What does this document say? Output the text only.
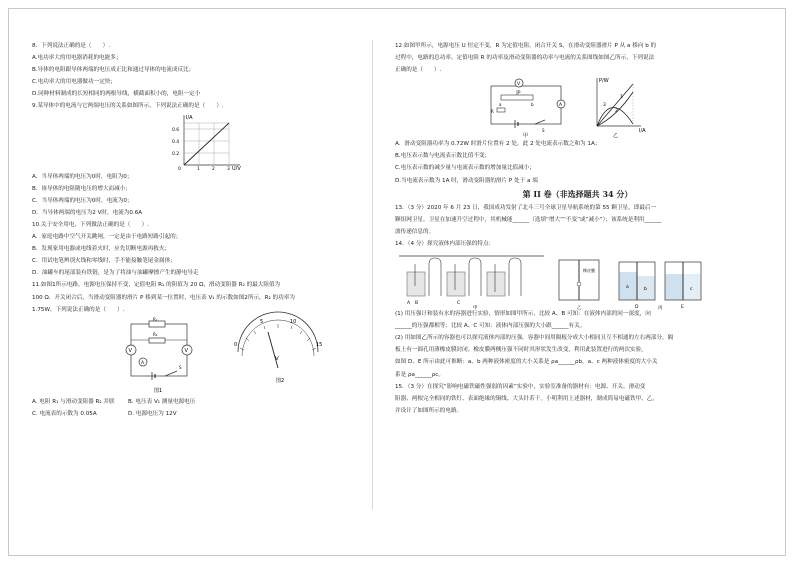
8．下列说法正确的是（　　）.
A.电功率大的用电器消耗的电能多；
B.导体的电阻跟导体两端的电压成正比和通过导体的电流成反比；
C.电功率大的用电器做功一定快；
D.同种材料制成的长短相同的两根导线，横截面积小的，电阻一定小
9.某导体中的电流与它两端电压的关系如图所示，下列说法正确的是（　　）.
I/A
U/V
0.6
0.4
0.2
0	1	2	3
A．当导体两端的电压为0时，电阻为0；
B．该导体的电阻随电压的增大而减小；
C．当导体两端的电压为0时，电流为0；
D．当导体两端的电压为2 V时，电流为0.6A
10.关于安全用电，下列做法正确的是（　　）.
A．家庭电路中空气开关跳闸，一定是由于电路短路引起的；
B．发现家用电器或电线着火时，应先切断电源再救火；
C．用试电笔辨别火线和零线时，手不能接触笔尾金属体；
D．油罐车的尾部装有铁链，是为了将油与油罐摩擦产生的静电导走
11.如图1所示电路，电源电压保持不变，定值电阻 R₁ 的阻值为 20 Ω，滑动变阻器 R₂ 的最大阻值为
100 Ω．开关闭合后，当滑动变阻器的滑片 P 移到某一位置时，电压表 V₁ 的示数如图2所示，R₂ 的功率为
1.75W。下列说法正确的是（　　）.
V	V
A
R₁
R₂
S
图1
V
0
5	10
15
图2
A. 电阻 R₁ 与滑动变阻器 R₂ 并联 B. 电压表 V₁ 测量电源电压
C. 电流表的示数为 0.05A	D. 电源电压为 12V
12.如图甲所示，电源电压 U 恒定不变，R 为定值电阻。闭合开关 S，在滑动变阻器滑片 P 从 a 移向 b 的
过程中，电路的总功率、定值电阻 R 的功率及滑动变阻器的功率与电流的关系图线如图乙所示，下列说法
正确的是（　　）.
V
a	b
P
R
A
S
甲
P/W
I/A
1
2
3
乙
A．滑动变阻器功率为 0.72W 时滑片位置有 2 处，此 2 处电流表示数之和为 1A；
B.电压表示数与电流表示数比值不变；
C.电压表示数的减少量与电流表示数的增加量比值减小；
D.当电流表示数为 1A 时，滑动变阻器的滑片 P 处于 a 端
第 II 卷（非选择题共 34 分）
13．（3 分）2020 年 6 月 23 日，我国成功发射了北斗三号全球卫星导航系统的第 55 颗卫星，即最后一
颗组网卫星。卫星在加速升空过程中，其机械能______（选填“增大”“不变”或“减小”）；该系统是利用______
波传递信息的。
14．（4 分）探究液体内部压强的特点：
A B	C
甲
橡皮膜
乙
a	b	c
D	E
丙
(1) 用压强计和装有水的容器进行实验，情形如图甲所示，比较 A、B 可知：在液体内部的同一深度，向
______的压强都相等；比较 A、C 可知：液体内部压强的大小跟______有关。
(2) 用如图乙所示的容器也可以探究液体内部的压强。容器中间用隔板分成大小相同且互不相通的左右两部分，隔
板上有一圆孔用薄橡皮膜封闭。橡皮膜两侧压强不同时其形状发生改变，利用此装置进行的两次实验，
如图 D、E 所示由此可推断：a、b 两种液体密度的大小关系是 ρa______ρb，a、c 两种液体密度的大小关
系是 ρa______ρc。
15．（3 分）在探究“影响电磁铁磁性强弱的因素”实验中，实验室准备的器材有：电源、开关、滑动变
阻器、两根完全相同的铁钉、表面绝缘的铜线、大头针若干。小明利用上述器材，制成简易电磁铁甲、乙，
并设计了如图所示的电路。
